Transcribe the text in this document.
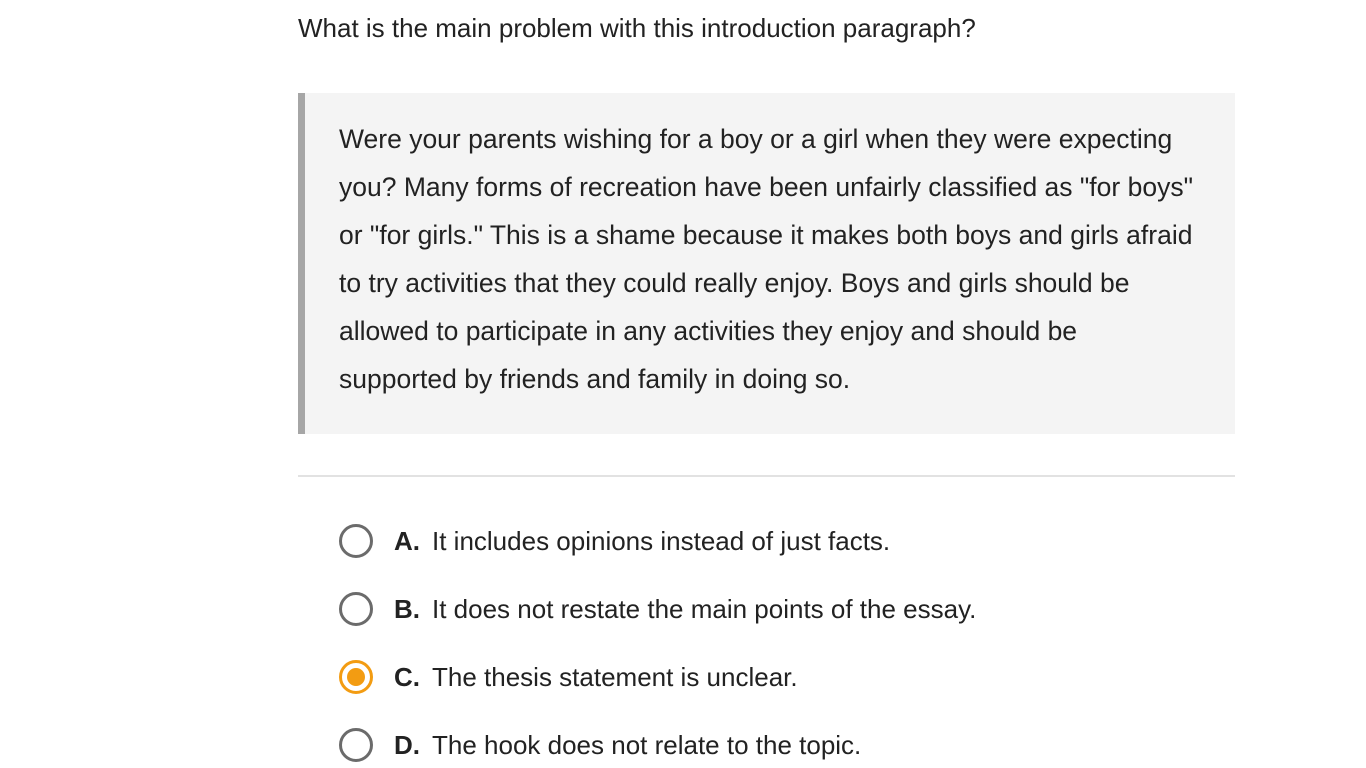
What is the main problem with this introduction paragraph?

Were your parents wishing for a boy or a girl when they were expecting you? Many forms of recreation have been unfairly classified as "for boys" or "for girls." This is a shame because it makes both boys and girls afraid to try activities that they could really enjoy. Boys and girls should be allowed to participate in any activities they enjoy and should be supported by friends and family in doing so.

A. It includes opinions instead of just facts.
B. It does not restate the main points of the essay.
C. The thesis statement is unclear.
D. The hook does not relate to the topic.
